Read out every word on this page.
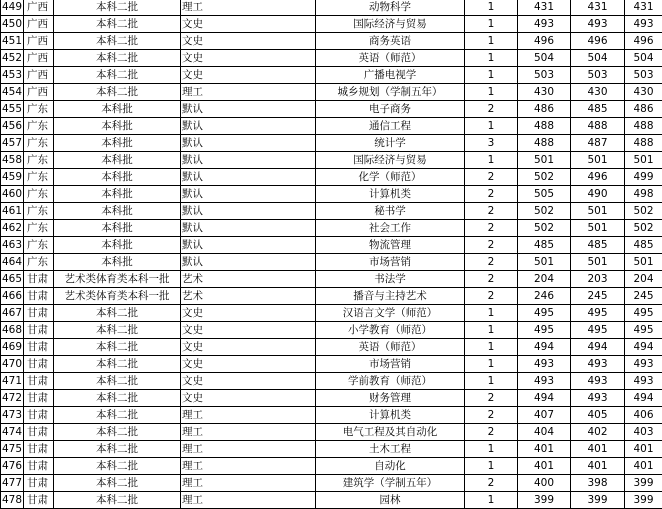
449	广西	本科二批	理工	动物科学	1	431	431	431
450	广西	本科二批	文史	国际经济与贸易	1	493	493	493
451	广西	本科二批	文史	商务英语	1	496	496	496
452	广西	本科二批	文史	英语（师范）	1	504	504	504
453	广西	本科二批	文史	广播电视学	1	503	503	503
454	广西	本科二批	理工	城乡规划（学制五年）	1	430	430	430
455	广东	本科批	默认	电子商务	2	486	485	486
456	广东	本科批	默认	通信工程	1	488	488	488
457	广东	本科批	默认	统计学	3	488	487	488
458	广东	本科批	默认	国际经济与贸易	1	501	501	501
459	广东	本科批	默认	化学（师范）	2	502	496	499
460	广东	本科批	默认	计算机类	2	505	490	498
461	广东	本科批	默认	秘书学	2	502	501	502
462	广东	本科批	默认	社会工作	2	502	501	502
463	广东	本科批	默认	物流管理	2	485	485	485
464	广东	本科批	默认	市场营销	2	501	501	501
465	甘肃	艺术类体育类本科一批	艺术	书法学	2	204	203	204
466	甘肃	艺术类体育类本科一批	艺术	播音与主持艺术	2	246	245	245
467	甘肃	本科二批	文史	汉语言文学（师范）	1	495	495	495
468	甘肃	本科二批	文史	小学教育（师范）	1	495	495	495
469	甘肃	本科二批	文史	英语（师范）	1	494	494	494
470	甘肃	本科二批	文史	市场营销	1	493	493	493
471	甘肃	本科二批	文史	学前教育（师范）	1	493	493	493
472	甘肃	本科二批	文史	财务管理	2	494	493	494
473	甘肃	本科二批	理工	计算机类	2	407	405	406
474	甘肃	本科二批	理工	电气工程及其自动化	2	404	402	403
475	甘肃	本科二批	理工	土木工程	1	401	401	401
476	甘肃	本科二批	理工	自动化	1	401	401	401
477	甘肃	本科二批	理工	建筑学（学制五年）	2	400	398	399
478	甘肃	本科二批	理工	园林	1	399	399	399
